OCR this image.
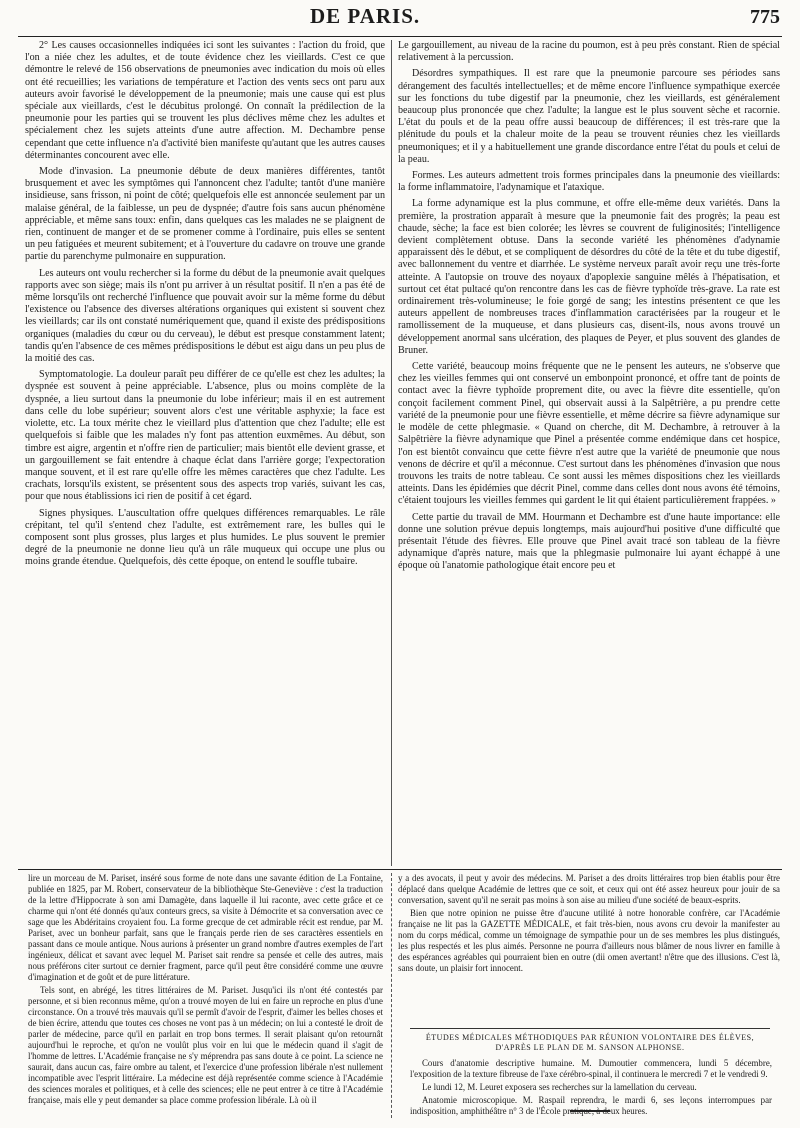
DE PARIS.	775

2° Les causes occasionnelles indiquées ici sont les suivantes : l'action du froid, que l'on a niée chez les adultes, et de toute évidence chez les vieillards. C'est ce que démontre le relevé de 156 observations de pneumonies avec indication du mois où elles ont été recueillies; les variations de température et l'action des vents secs ont paru aux auteurs avoir favorisé le développement de la pneumonie; mais une cause qui est plus spéciale aux vieillards, c'est le décubitus prolongé. On connaît la prédilection de la pneumonie pour les parties qui se trouvent les plus déclives même chez les adultes et spécialement chez les sujets atteints d'une autre affection. M. Dechambre pense cependant que cette influence n'a d'activité bien manifeste qu'autant que les autres causes déterminantes concourent avec elle.

Mode d'invasion. La pneumonie débute de deux manières différentes, tantôt brusquement et avec les symptômes qui l'annoncent chez l'adulte; tantôt d'une manière insidieuse, sans frisson, ni point de côté; quelquefois elle est annoncée seulement par un malaise général, de la faiblesse, un peu de dyspnée; d'autre fois sans aucun phénomène appréciable, et même sans toux: enfin, dans quelques cas les malades ne se plaignent de rien, continuent de manger et de se promener comme à l'ordinaire, puis elles se sentent un peu fatiguées et meurent subitement; et à l'ouverture du cadavre on trouve une grande partie du parenchyme pulmonaire en suppuration.

Les auteurs ont voulu rechercher si la forme du début de la pneumonie avait quelques rapports avec son siège; mais ils n'ont pu arriver à un résultat positif. Il n'en a pas été de même lorsqu'ils ont recherché l'influence que pouvait avoir sur la même forme du début l'existence ou l'absence des diverses altérations organiques qui existent si souvent chez les vieillards; car ils ont constaté numériquement que, quand il existe des prédispositions organiques (maladies du cœur ou du cerveau), le début est presque constamment latent; tandis qu'en l'absence de ces mêmes prédispositions le début est aigu dans un peu plus de la moitié des cas.

Symptomatologie. La douleur paraît peu différer de ce qu'elle est chez les adultes; la dyspnée est souvent à peine appréciable. L'absence, plus ou moins complète de la dyspnée, a lieu surtout dans la pneumonie du lobe inférieur; mais il en est autrement dans celle du lobe supérieur; souvent alors c'est une véritable asphyxie; la face est violette, etc. La toux mérite chez le vieillard plus d'attention que chez l'adulte; elle est quelquefois si faible que les malades n'y font pas attention euxmêmes. Au début, son timbre est aigre, argentin et n'offre rien de particulier; mais bientôt elle devient grasse, et un gargouillement se fait entendre à chaque éclat dans l'arrière gorge; l'expectoration manque souvent, et il est rare qu'elle offre les mêmes caractères que chez l'adulte. Les crachats, lorsqu'ils existent, se présentent sous des aspects trop variés, suivant les cas, pour que nous établissions ici rien de positif à cet égard.

Signes physiques. L'auscultation offre quelques différences remarquables. Le râle crépitant, tel qu'il s'entend chez l'adulte, est extrêmement rare, les bulles qui le composent sont plus grosses, plus larges et plus humides. Le plus souvent le premier degré de la pneumonie ne donne lieu qu'à un râle muqueux qui occupe une plus ou moins grande étendue. Quelquefois, dès cette époque, on entend le souffle tubaire.

Le gargouillement, au niveau de la racine du poumon, est à peu près constant. Rien de spécial relativement à la percussion.

Désordres sympathiques. Il est rare que la pneumonie parcoure ses périodes sans dérangement des facultés intellectuelles; et de même encore l'influence sympathique exercée sur les fonctions du tube digestif par la pneumonie, chez les vieillards, est généralement beaucoup plus prononcée que chez l'adulte; la langue est le plus souvent sèche et racornie. L'état du pouls et de la peau offre aussi beaucoup de différences; il est très-rare que la plénitude du pouls et la chaleur moite de la peau se trouvent réunies chez les vieillards pneumoniques; et il y a habituellement une grande discordance entre l'état du pouls et celui de la peau.

Formes. Les auteurs admettent trois formes principales dans la pneumonie des vieillards: la forme inflammatoire, l'adynamique et l'ataxique.

La forme adynamique est la plus commune, et offre elle-même deux variétés. Dans la première, la prostration apparaît à mesure que la pneumonie fait des progrès; la peau est chaude, sèche; la face est bien colorée; les lèvres se couvrent de fuliginosités; l'intelligence devient complètement obtuse. Dans la seconde variété les phénomènes d'adynamie apparaissent dès le début, et se compliquent de désordres du côté de la tête et du tube digestif, avec ballonnement du ventre et diarrhée. Le système nerveux paraît avoir reçu une très-forte atteinte. A l'autopsie on trouve des noyaux d'apoplexie sanguine mêlés à l'hépatisation, et surtout cet état pultacé qu'on rencontre dans les cas de fièvre typhoïde très-grave. La rate est ordinairement très-volumineuse; le foie gorgé de sang; les intestins présentent ce que les auteurs appellent de nombreuses traces d'inflammation caractérisées par la rougeur et le ramollissement de la muqueuse, et dans plusieurs cas, disent-ils, nous avons trouvé un développement anormal sans ulcération, des plaques de Peyer, et plus souvent des glandes de Bruner.

Cette variété, beaucoup moins fréquente que ne le pensent les auteurs, ne s'observe que chez les vieilles femmes qui ont conservé un embonpoint prononcé, et offre tant de points de contact avec la fièvre typhoïde proprement dite, ou avec la fièvre dite essentielle, qu'on conçoit facilement comment Pinel, qui observait aussi à la Salpêtrière, a pu prendre cette variété de la pneumonie pour une fièvre essentielle, et même décrire sa fièvre adynamique sur le modèle de cette phlegmasie. « Quand on cherche, dit M. Dechambre, à retrouver à la Salpêtrière la fièvre adynamique que Pinel a présentée comme endémique dans cet hospice, l'on est bientôt convaincu que cette fièvre n'est autre que la variété de pneumonie que nous venons de décrire et qu'il a méconnue. C'est surtout dans les phénomènes d'invasion que nous trouvons les traits de notre tableau. Ce sont aussi les mêmes dispositions chez les vieillards atteints. Dans les épidémies que décrit Pinel, comme dans celles dont nous avons été témoins, c'étaient toujours les vieilles femmes qui gardent le lit qui étaient particulièrement frappées. »

Cette partie du travail de MM. Hourmann et Dechambre est d'une haute importance: elle donne une solution prévue depuis longtemps, mais aujourd'hui positive d'une difficulté que présentait l'étude des fièvres. Elle prouve que Pinel avait tracé son tableau de la fièvre adynamique d'après nature, mais que la phlegmasie pulmonaire lui ayant échappé à une époque où l'anatomie pathologique était encore peu et

lire un morceau de M. Pariset, inséré sous forme de note dans une savante édition de La Fontaine, publiée en 1825, par M. Robert, conservateur de la bibliothèque Ste-Geneviève : c'est la traduction de la lettre d'Hippocrate à son ami Damagète, dans laquelle il lui raconte, avec cette grâce et ce charme qui n'ont été donnés qu'aux conteurs grecs, sa visite à Démocrite et sa conversation avec ce sage que les Abdéritains croyaient fou. La forme grecque de cet admirable récit est rendue, par M. Pariset, avec un bonheur parfait, sans que le français perde rien de ses caractères essentiels en passant dans ce moule antique. Nous aurions à présenter un grand nombre d'autres exemples de l'art ingénieux, délicat et savant avec lequel M. Pariset sait rendre sa pensée et celle des autres, mais nous préférons citer surtout ce dernier fragment, parce qu'il peut être considéré comme une œuvre d'imagination et de goût et de pure littérature.

Tels sont, en abrégé, les titres littéraires de M. Pariset. Jusqu'ici ils n'ont été contestés par personne, et si bien reconnus même, qu'on a trouvé moyen de lui en faire un reproche en plus d'une circonstance. On a trouvé très mauvais qu'il se permît d'avoir de l'esprit, d'aimer les belles choses et de bien écrire, attendu que toutes ces choses ne vont pas à un médecin; on lui a contesté le droit de parler de médecine, parce qu'il en parlait en trop bons termes. Il serait plaisant qu'on retournât aujourd'hui le reproche, et qu'on ne voulût plus voir en lui que le médecin quand il s'agit de l'homme de lettres. L'Académie française ne s'y méprendra pas sans doute à ce point. La science ne saurait, dans aucun cas, faire ombre au talent, et l'exercice d'une profession libérale n'est nullement incompatible avec l'esprit littéraire. La médecine est déjà représentée comme science à l'Académie des sciences morales et politiques, et à celle des sciences; elle ne peut entrer à ce titre à l'Académie française, mais elle y peut demander sa place comme profession libérale. Là où il

y a des avocats, il peut y avoir des médecins. M. Pariset a des droits littéraires trop bien établis pour être déplacé dans quelque Académie de lettres que ce soit, et ceux qui ont été assez heureux pour jouir de sa conversation, savent qu'il ne serait pas moins à son aise au milieu d'une société de beaux-esprits.

Bien que notre opinion ne puisse être d'aucune utilité à notre honorable confrère, car l'Académie française ne lit pas la GAZETTE MÉDICALE, et fait très-bien, nous avons cru devoir la manifester au nom du corps médical, comme un témoignage de sympathie pour un de ses membres les plus distingués, les plus respectés et les plus aimés. Personne ne pourra d'ailleurs nous blâmer de nous livrer en famille à des espérances agréables qui pourraient bien en outre (dii omen avertant! n'être que des illusions. C'est là, sans doute, un plaisir fort innocent.

ÉTUDES MÉDICALES MÉTHODIQUES PAR RÉUNION VOLONTAIRE DES ÉLÈVES,
D'APRÈS LE PLAN DE M. SANSON ALPHONSE.

Cours d'anatomie descriptive humaine. M. Dumoutier commencera, lundi 5 décembre, l'exposition de la texture fibreuse de l'axe cérébro-spinal, il continuera le mercredi 7 et le vendredi 9.

Le lundi 12, M. Leuret exposera ses recherches sur la lamellation du cerveau.

Anatomie microscopique. M. Raspail reprendra, le mardi 6, ses leçons interrompues par indisposition, amphithéâtre n° 3 de l'École pratique, à deux heures.
